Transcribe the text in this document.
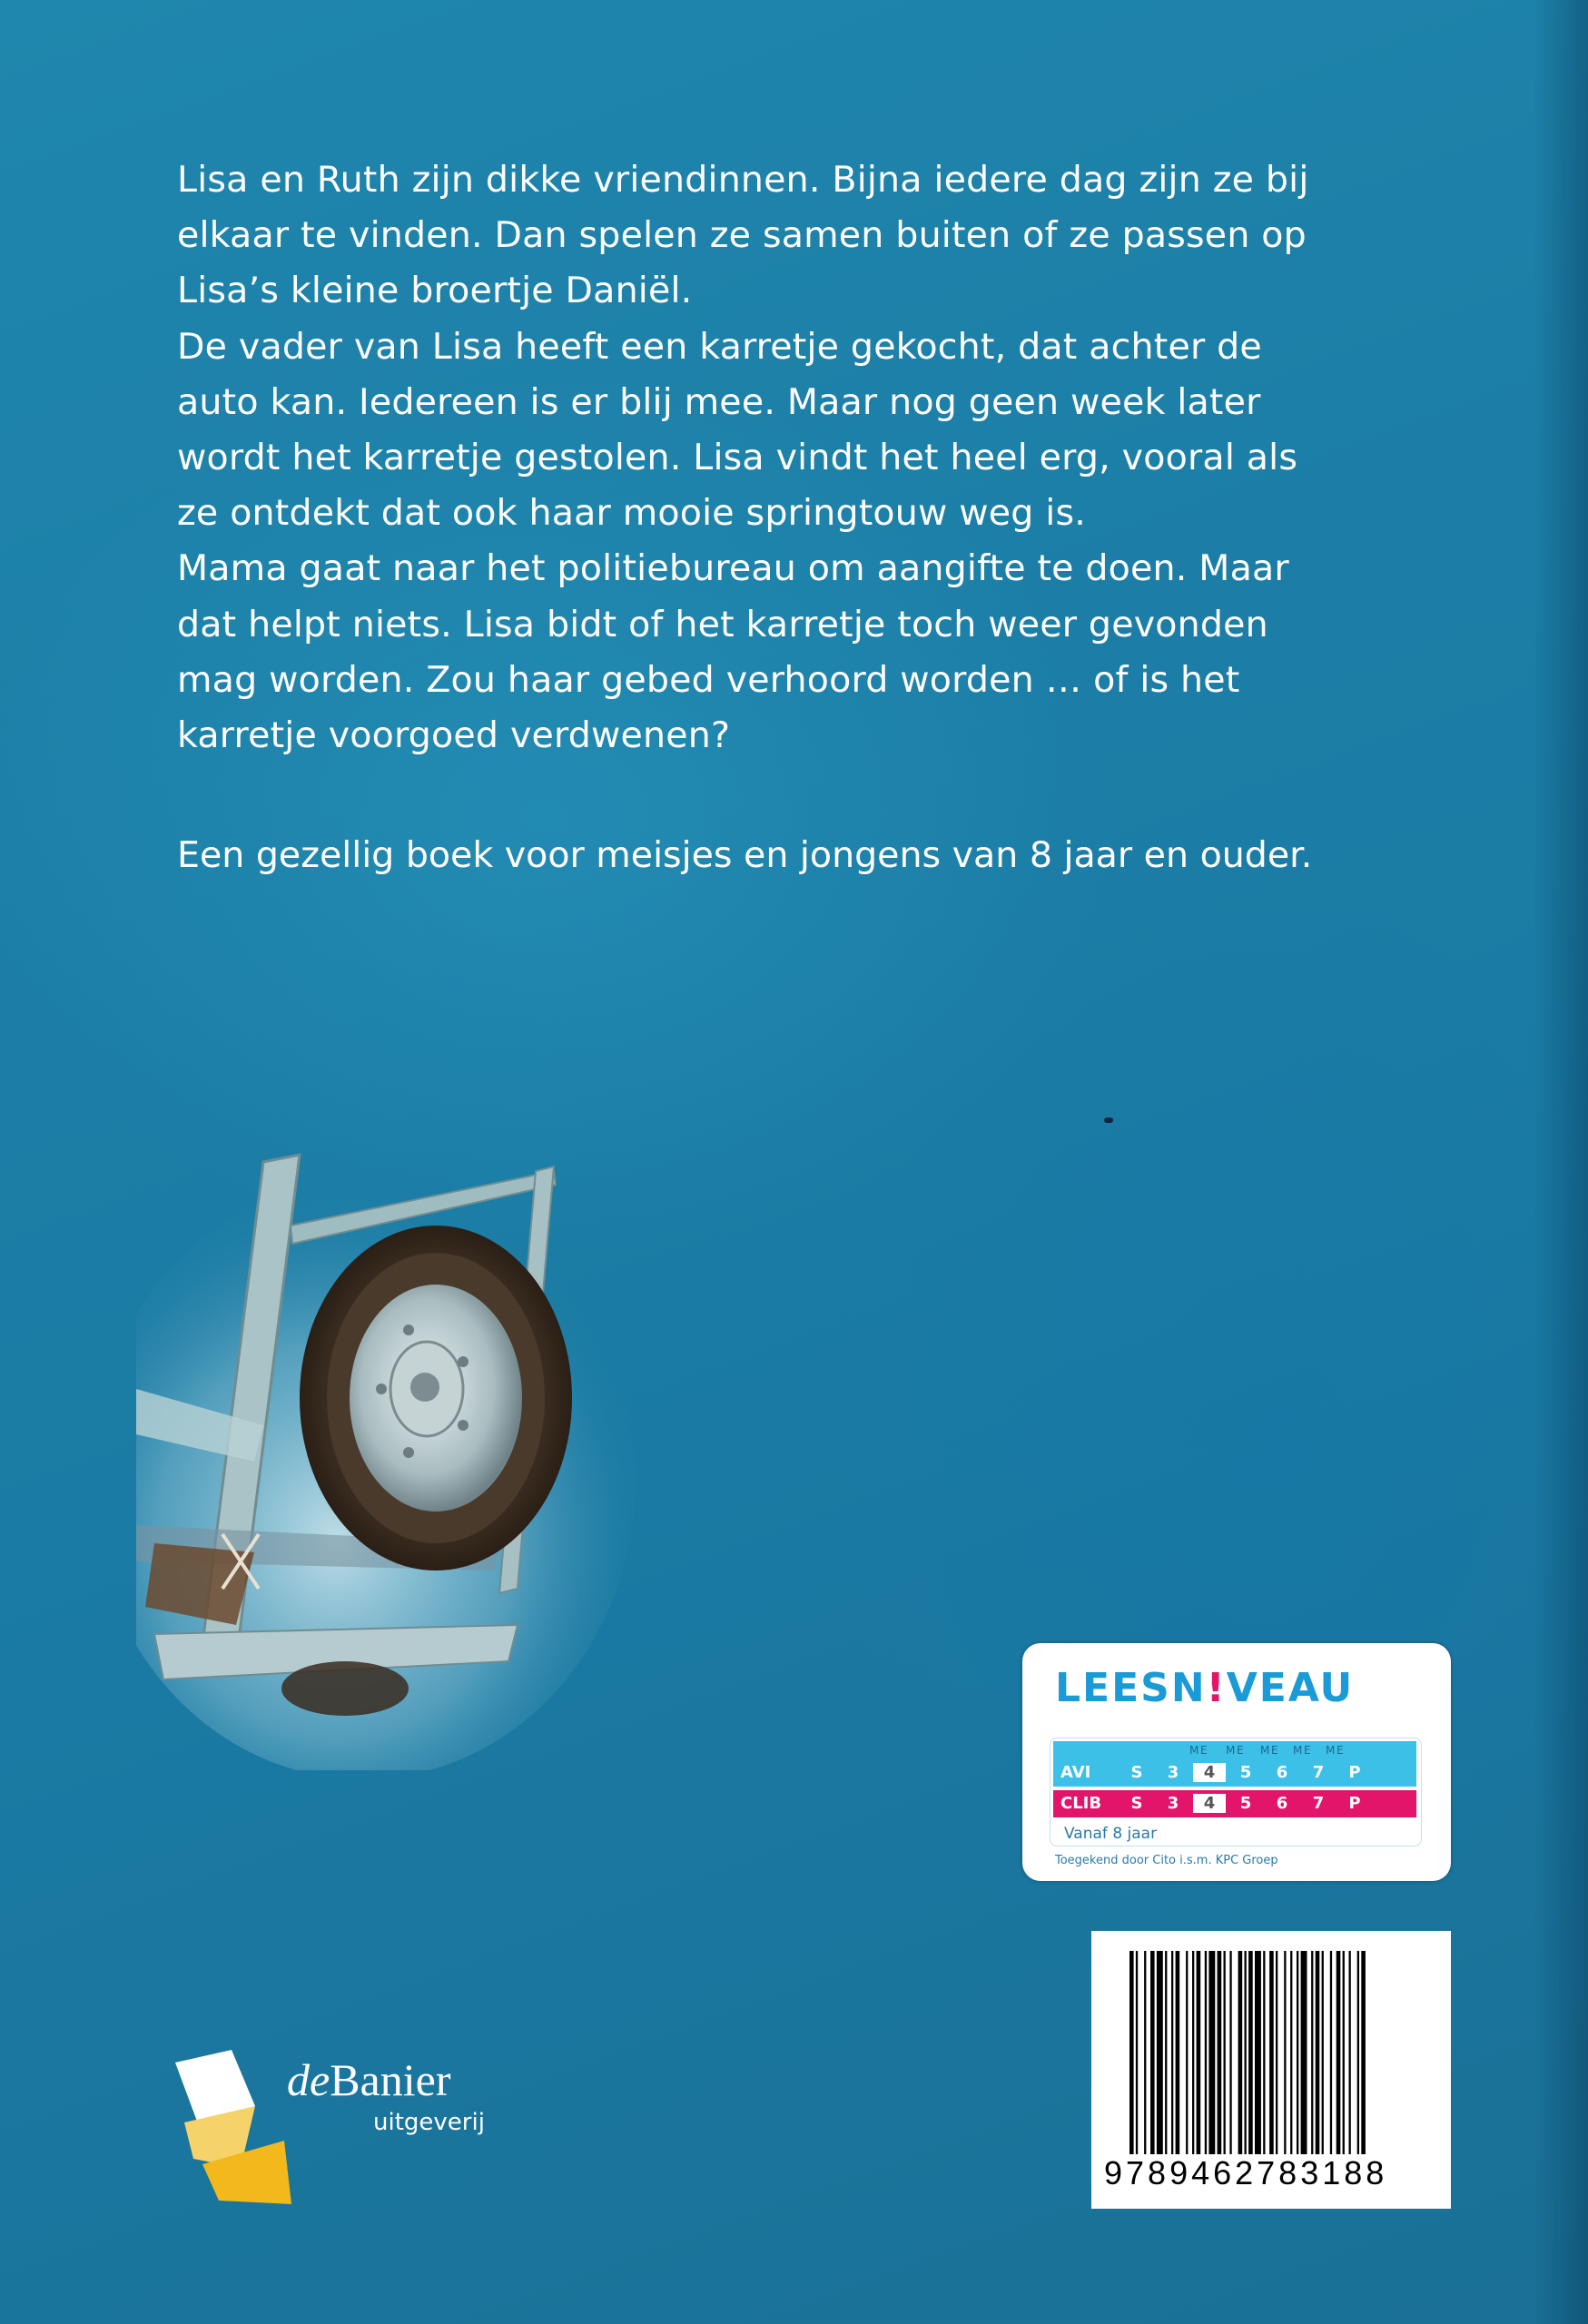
Lisa en Ruth zijn dikke vriendinnen. Bijna iedere dag zijn ze bij
elkaar te vinden. Dan spelen ze samen buiten of ze passen op
Lisa’s kleine broertje Daniël.

De vader van Lisa heeft een karretje gekocht, dat achter de
auto kan. Iedereen is er blij mee. Maar nog geen week later
wordt het karretje gestolen. Lisa vindt het heel erg, vooral als
ze ontdekt dat ook haar mooie springtouw weg is.

Mama gaat naar het politiebureau om aangifte te doen. Maar
dat helpt niets. Lisa bidt of het karretje toch weer gevonden
mag worden. Zou haar gebed verhoord worden … of is het
karretje voorgoed verdwenen?

Een gezellig boek voor meisjes en jongens van 8 jaar en ouder.
LEESN!VEAU
M E M E M E M E M E
AVI	S	3	4	5	6	7	P
CLIB	S	3	4	5	6	7	P
Vanaf 8 jaar
Toegekend door Cito i.s.m. KPC Groep
9789462783188
deBanier
uitgeverij
